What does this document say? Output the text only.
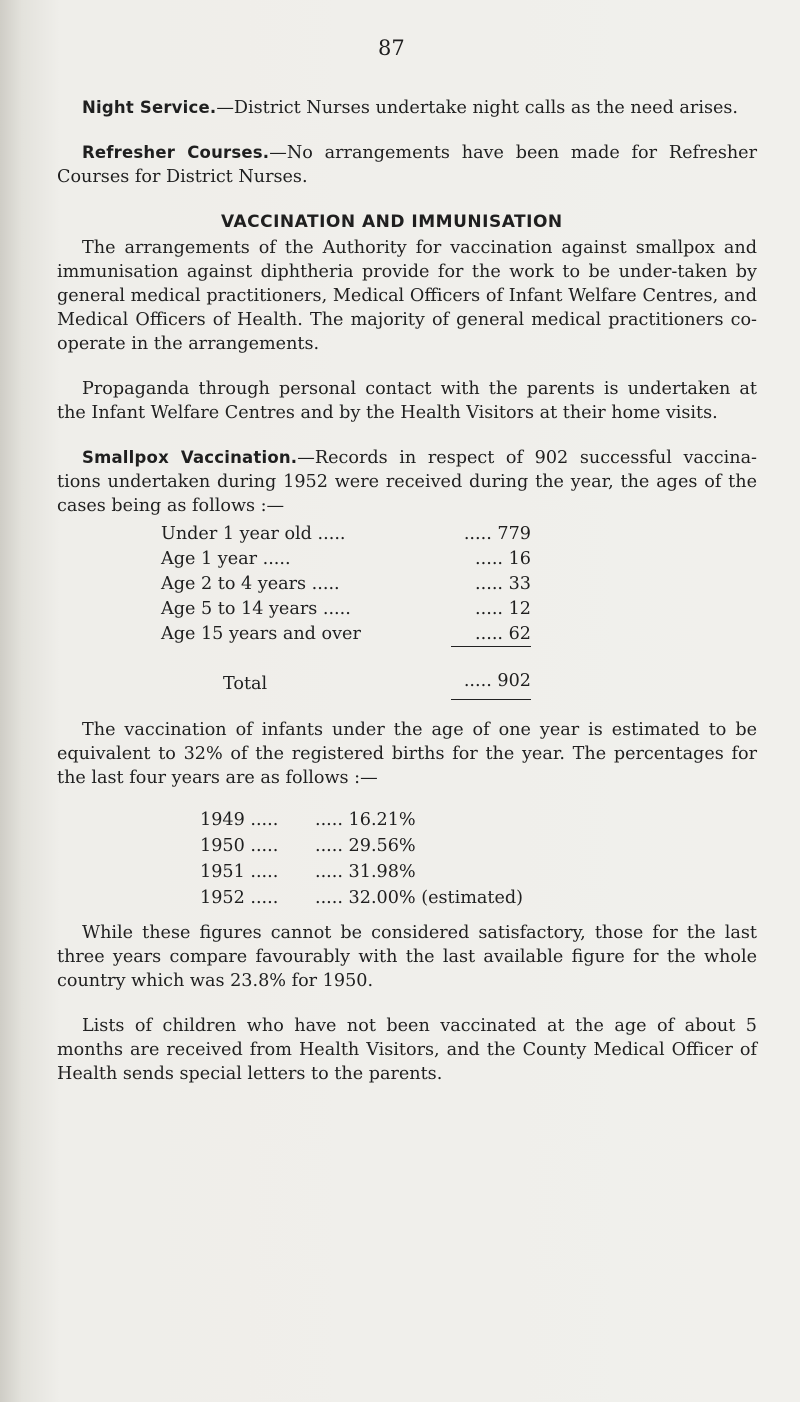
87

Night Service.—District Nurses undertake night calls as the need arises.

Refresher Courses.—No arrangements have been made for Refresher Courses for District Nurses.

VACCINATION AND IMMUNISATION

The arrangements of the Authority for vaccination against smallpox and immunisation against diphtheria provide for the work to be under-taken by general medical practitioners, Medical Officers of Infant Welfare Centres, and Medical Officers of Health. The majority of general medical practitioners co-operate in the arrangements.

Propaganda through personal contact with the parents is undertaken at the Infant Welfare Centres and by the Health Visitors at their home visits.

Smallpox Vaccination.—Records in respect of 902 successful vaccina-tions undertaken during 1952 were received during the year, the ages of the cases being as follows :—

Under 1 year old .....	..... 779
Age 1 year .....	..... 16
Age 2 to 4 years .....	..... 33
Age 5 to 14 years .....	..... 12
Age 15 years and over	..... 62
Total	..... 902

The vaccination of infants under the age of one year is estimated to be equivalent to 32% of the registered births for the year. The percentages for the last four years are as follows :—

1949 .....	..... 16.21%
1950 .....	..... 29.56%
1951 .....	..... 31.98%
1952 .....	..... 32.00% (estimated)

While these figures cannot be considered satisfactory, those for the last three years compare favourably with the last available figure for the whole country which was 23.8% for 1950.

Lists of children who have not been vaccinated at the age of about 5 months are received from Health Visitors, and the County Medical Officer of Health sends special letters to the parents.
